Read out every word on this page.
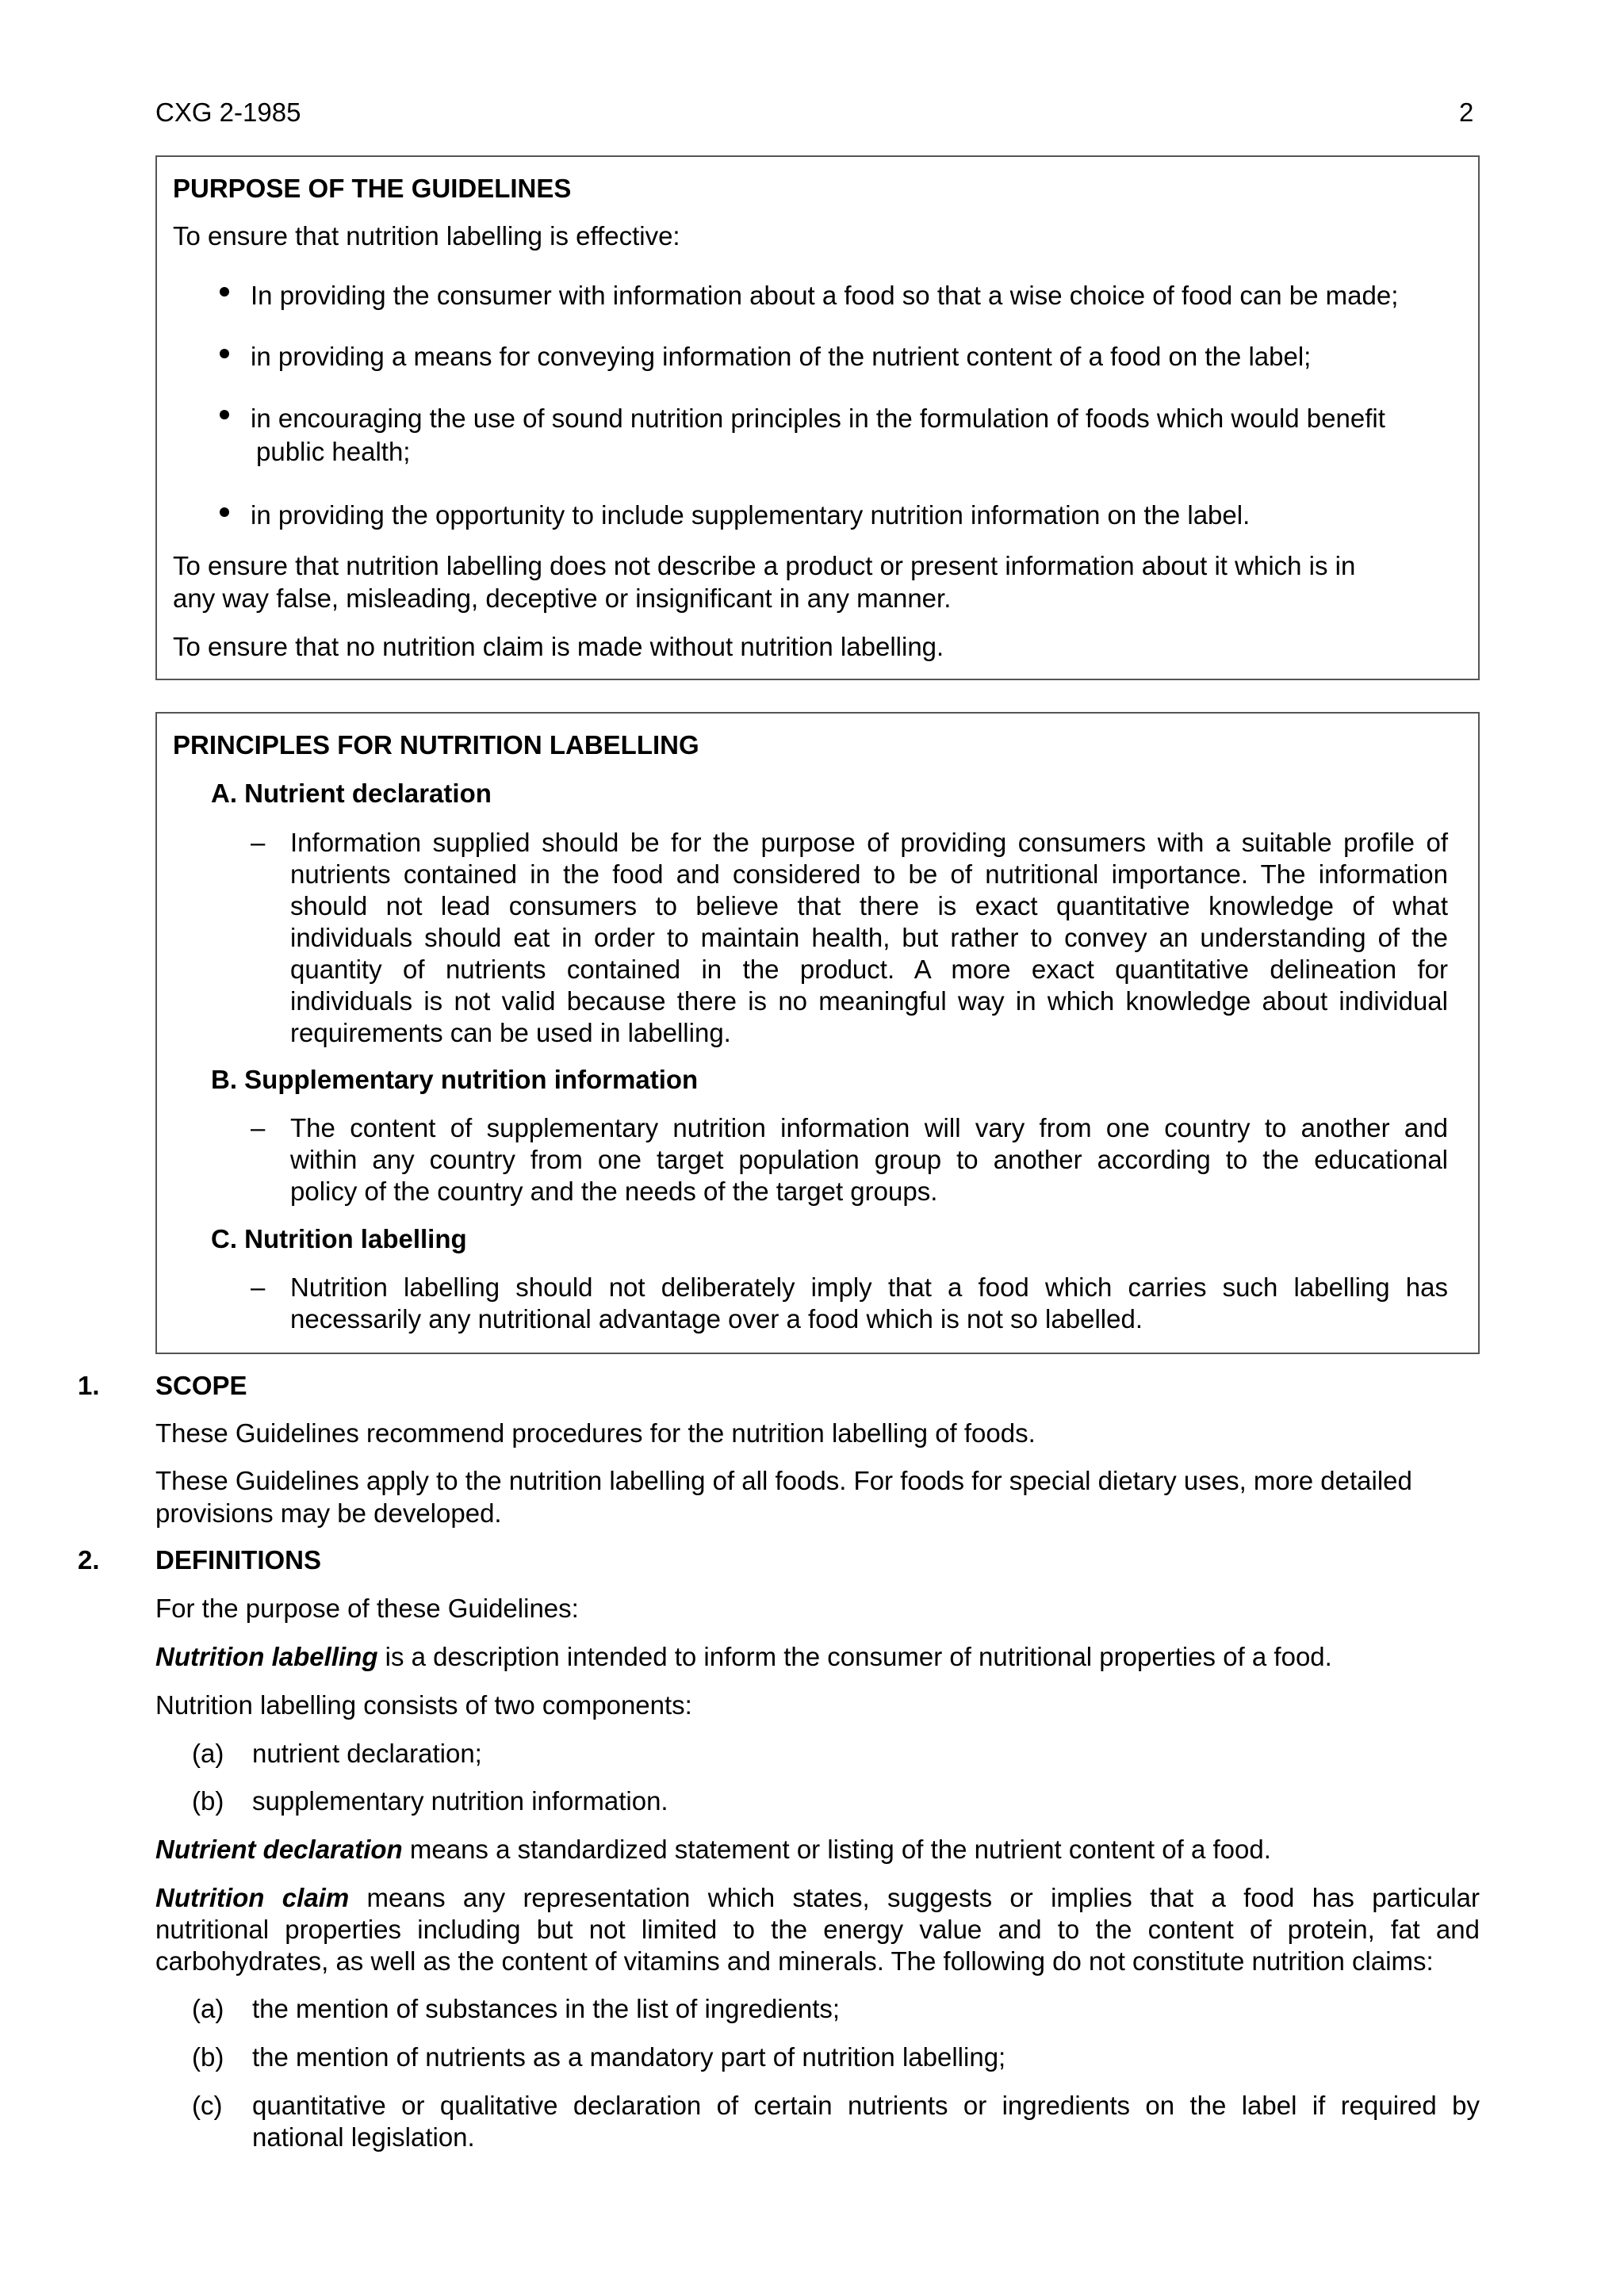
CXG 2-1985	2
PURPOSE OF THE GUIDELINES
To ensure that nutrition labelling is effective:
In providing the consumer with information about a food so that a wise choice of food can be made;
in providing a means for conveying information of the nutrient content of a food on the label;
in encouraging the use of sound nutrition principles in the formulation of foods which would benefit
public health;
in providing the opportunity to include supplementary nutrition information on the label.
To ensure that nutrition labelling does not describe a product or present information about it which is in
any way false, misleading, deceptive or insignificant in any manner.
To ensure that no nutrition claim is made without nutrition labelling.
PRINCIPLES FOR NUTRITION LABELLING
A. Nutrient declaration
– Information supplied should be for the purpose of providing consumers with a suitable profile of
nutrients contained in the food and considered to be of nutritional importance. The information
should not lead consumers to believe that there is exact quantitative knowledge of what
individuals should eat in order to maintain health, but rather to convey an understanding of the
quantity of nutrients contained in the product. A more exact quantitative delineation for
individuals is not valid because there is no meaningful way in which knowledge about individual
requirements can be used in labelling.
B. Supplementary nutrition information
– The content of supplementary nutrition information will vary from one country to another and
within any country from one target population group to another according to the educational
policy of the country and the needs of the target groups.
C. Nutrition labelling
– Nutrition labelling should not deliberately imply that a food which carries such labelling has
necessarily any nutritional advantage over a food which is not so labelled.
1. SCOPE
These Guidelines recommend procedures for the nutrition labelling of foods.
These Guidelines apply to the nutrition labelling of all foods. For foods for special dietary uses, more detailed
provisions may be developed.
2. DEFINITIONS
For the purpose of these Guidelines:
Nutrition labelling is a description intended to inform the consumer of nutritional properties of a food.
Nutrition labelling consists of two components:
(a) nutrient declaration;
(b) supplementary nutrition information.
Nutrient declaration means a standardized statement or listing of the nutrient content of a food.
Nutrition claim means any representation which states, suggests or implies that a food has particular
nutritional properties including but not limited to the energy value and to the content of protein, fat and
carbohydrates, as well as the content of vitamins and minerals. The following do not constitute nutrition claims:
(a) the mention of substances in the list of ingredients;
(b) the mention of nutrients as a mandatory part of nutrition labelling;
(c) quantitative or qualitative declaration of certain nutrients or ingredients on the label if required by
national legislation.
